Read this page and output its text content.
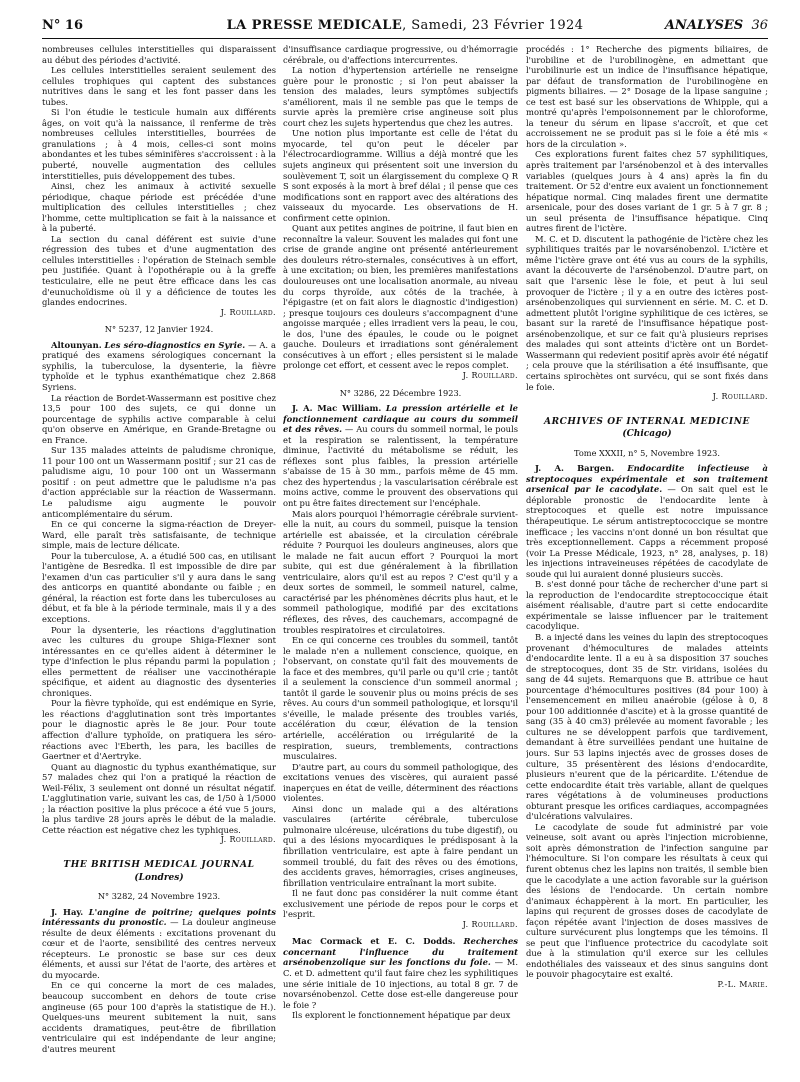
N° 16	LA PRESSE MEDICALE, Samedi, 23 Février 1924	ANALYSES 36

nombreuses cellules interstitielles qui disparaissent au début des périodes d'activité.

Les cellules interstitielles seraient seulement des cellules trophiques qui captent des substances nutritives dans le sang et les font passer dans les tubes.

Si l'on étudie le testicule humain aux différents âges, on voit qu'à la naissance, il renferme de très nombreuses cellules interstitielles, bourrées de granulations ; à 4 mois, celles-ci sont moins abondantes et les tubes séminifères s'accroissent : à la puberté, nouvelle augmentation des cellules interstitielles, puis développement des tubes.

Ainsi, chez les animaux à activité sexuelle périodique, chaque période est précédée d'une multiplication des cellules interstitielles ; chez l'homme, cette multiplication se fait à la naissance et à la puberté.

La section du canal déférent est suivie d'une régression des tubes et d'une augmentation des cellules interstitielles : l'opération de Steinach semble peu justifiée. Quant à l'opothérapie ou à la greffe testiculaire, elle ne peut être efficace dans les cas d'eunuchoïdisme où il y a déficience de toutes les glandes endocrines.

J. Rouillard.
N° 5237, 12 Janvier 1924.

Altounyan. Les séro-diagnostics en Syrie. — A. a pratiqué des examens sérologiques concernant la syphilis, la tuberculose, la dysenterie, la fièvre typhoïde et le typhus exanthématique chez 2.868 Syriens.

La réaction de Bordet-Wassermann est positive chez 13,5 pour 100 des sujets, ce qui donne un pourcentage de syphilis active comparable à celui qu'on observe en Amérique, en Grande-Bretagne ou en France.

Sur 135 malades atteints de paludisme chronique, 11 pour 100 ont un Wassermann positif ; sur 21 cas de paludisme aigu, 10 pour 100 ont un Wassermann positif : on peut admettre que le paludisme n'a pas d'action appréciable sur la réaction de Wassermann. Le paludisme aigu augmente le pouvoir anticomplémentaire du sérum.

En ce qui concerne la sigma-réaction de Dreyer-Ward, elle paraît très satisfaisante, de technique simple, mais de lecture délicate.

Pour la tuberculose, A. a étudié 500 cas, en utilisant l'antigène de Besredka. Il est impossible de dire par l'examen d'un cas particulier s'il y aura dans le sang des anticorps en quantité abondante ou faible ; en général, la réaction est forte dans les tuberculoses au début, et fa ble à la période terminale, mais il y a des exceptions.

Pour la dysenterie, les réactions d'agglutination avec les cultures du groupe Shiga-Flexner sont intéressantes en ce qu'elles aident à déterminer le type d'infection le plus répandu parmi la population ; elles permettent de réaliser une vaccinothérapie spécifique, et aident au diagnostic des dysenteries chroniques.

Pour la fièvre typhoïde, qui est endémique en Syrie, les réactions d'agglutination sont très importantes pour le diagnostic après le 8e jour. Pour toute affection d'allure typhoïde, on pratiquera les séro-réactions avec l'Eberth, les para, les bacilles de Gaertner et d'Aertryke.

Quant au diagnostic du typhus exanthématique, sur 57 malades chez qui l'on a pratiqué la réaction de Weil-Félix, 3 seulement ont donné un résultat négatif. L'agglutination varie, suivant les cas, de 1/50 à 1/5000 ; la réaction positive la plus précoce a été vue 5 jours, la plus tardive 28 jours après le début de la maladie. Cette réaction est négative chez les typhiques.

J. Rouillard.
THE BRITISH MEDICAL JOURNAL
(Londres)
N° 3282, 24 Novembre 1923.

J. Hay. L'angine de poitrine; quelques points intéressants du pronostic. — La douleur angineuse résulte de deux éléments : excitations provenant du cœur et de l'aorte, sensibilité des centres nerveux récepteurs. Le pronostic se base sur ces deux éléments, et aussi sur l'état de l'aorte, des artères et du myocarde.

En ce qui concerne la mort de ces malades, beaucoup succombent en dehors de toute crise angineuse (65 pour 100 d'après la statistique de H.). Quelques-uns meurent subitement la nuit, sans accidents dramatiques, peut-être de fibrillation ventriculaire qui est indépendante de leur angine; d'autres meurent

d'insuffisance cardiaque progressive, ou d'hémorragie cérébrale, ou d'affections intercurrentes.

La notion d'hypertension artérielle ne renseigne guère pour le pronostic ; si l'on peut abaisser la tension des malades, leurs symptômes subjectifs s'améliorent, mais il ne semble pas que le temps de survie après la première crise angineuse soit plus court chez les sujets hypertendus que chez les autres.

Une notion plus importante est celle de l'état du myocarde, tel qu'on peut le déceler par l'électrocardiogramme. Willius a déjà montré que les sujets angineux qui présentent soit une inversion du soulèvement T, soit un élargissement du complexe Q R S sont exposés à la mort à bref délai ; il pense que ces modifications sont en rapport avec des altérations des vaisseaux du myocarde. Les observations de H. confirment cette opinion.

Quant aux petites angines de poitrine, il faut bien en reconnaître la valeur. Souvent les malades qui font une crise de grande angine ont présenté antérieurement des douleurs rétro-sternales, consécutives à un effort, à une excitation; ou bien, les premières manifestations douloureuses ont une localisation anormale, au niveau du corps thyroïde, aux côtés de la trachée, à l'épigastre (et on fait alors le diagnostic d'indigestion) ; presque toujours ces douleurs s'accompagnent d'une angoisse marquée ; elles irradient vers la peau, le cou, le dos, l'une des épaules, le coude ou le poignet gauche. Douleurs et irradiations sont généralement consécutives à un effort ; elles persistent si le malade prolonge cet effort, et cessent avec le repos complet.

J. Rouillard.
N° 3286, 22 Décembre 1923.

J. A. Mac William. La pression artérielle et le fonctionnement cardiaque au cours du sommeil et des rêves. — Au cours du sommeil normal, le pouls et la respiration se ralentissent, la température diminue, l'activité du métabolisme se réduit, les réflexes sont plus faibles, la pression artérielle s'abaisse de 15 à 30 mm., parfois même de 45 mm. chez des hypertendus ; la vascularisation cérébrale est moins active, comme le prouvent des observations qui ont pu être faites directement sur l'encéphale.

Mais alors pourquoi l'hémorragie cérébrale survient-elle la nuit, au cours du sommeil, puisque la tension artérielle est abaissée, et la circulation cérébrale réduite ? Pourquoi les douleurs angineuses, alors que le malade ne fait aucun effort ? Pourquoi la mort subite, qui est due généralement à la fibrillation ventriculaire, alors qu'il est au repos ? C'est qu'il y a deux sortes de sommeil, le sommeil naturel, calme, caractérisé par les phénomènes décrits plus haut, et le sommeil pathologique, modifié par des excitations réflexes, des rêves, des cauchemars, accompagné de troubles respiratoires et circulatoires.

En ce qui concerne ces troubles du sommeil, tantôt le malade n'en a nullement conscience, quoique, en l'observant, on constate qu'il fait des mouvements de la face et des membres, qu'il parle ou qu'il crie ; tantôt il a seulement la conscience d'un sommeil anormal ; tantôt il garde le souvenir plus ou moins précis de ses rêves. Au cours d'un sommeil pathologique, et lorsqu'il s'éveille, le malade présente des troubles variés, accélération du cœur, élévation de la tension artérielle, accélération ou irrégularité de la respiration, sueurs, tremblements, contractions musculaires.

D'autre part, au cours du sommeil pathologique, des excitations venues des viscères, qui auraient passé inaperçues en état de veille, déterminent des réactions violentes.

Ainsi donc un malade qui a des altérations vasculaires (artérite cérébrale, tuberculose pulmonaire ulcéreuse, ulcérations du tube digestif), ou qui a des lésions myocardiques le prédisposant à la fibrillation ventriculaire, est apte à faire pendant un sommeil troublé, du fait des rêves ou des émotions, des accidents graves, hémorragies, crises angineuses, fibrillation ventriculaire entraînant la mort subite.

Il ne faut donc pas considérer la nuit comme étant exclusivement une période de repos pour le corps et l'esprit.

J. Rouillard.

Mac Cormack et E. C. Dodds. Recherches concernant l'influence du traitement arsénobenzolique sur les fonctions du foie. — M. C. et D. admettent qu'il faut faire chez les syphilitiques une série initiale de 10 injections, au total 8 gr. 7 de novarsénobenzol. Cette dose est-elle dangereuse pour le foie ?

Ils explorent le fonctionnement hépatique par deux

procédés : 1° Recherche des pigments biliaires, de l'urobiline et de l'urobilinogène, en admettant que l'urobilinurie est un indice de l'insuffisance hépatique, par défaut de transformation de l'urobilinogène en pigments biliaires. — 2° Dosage de la lipase sanguine ; ce test est basé sur les observations de Whipple, qui a montré qu'après l'empoisonnement par le chloroforme, la teneur du sérum en lipase s'accroît, et que cet accroissement ne se produit pas si le foie a été mis « hors de la circulation ».

Ces explorations furent faites chez 57 syphilitiques, après traitement par l'arsénobenzol et à des intervalles variables (quelques jours à 4 ans) après la fin du traitement. Or 52 d'entre eux avaient un fonctionnement hépatique normal. Cinq malades firent une dermatite arsenicale, pour des doses variant de 1 gr. 5 à 7 gr. 8 ; un seul présenta de l'insuffisance hépatique. Cinq autres firent de l'ictère.

M. C. et D. discutent la pathogénie de l'ictère chez les syphilitiques traités par le novarsénobenzol. L'ictère et même l'ictère grave ont été vus au cours de la syphilis, avant la découverte de l'arsénobenzol. D'autre part, on sait que l'arsenic lèse le foie, et peut à lui seul provoquer de l'ictère ; il y a en outre des ictères post-arsénobenzoliques qui surviennent en série. M. C. et D. admettent plutôt l'origine syphilitique de ces ictères, se basant sur la rareté de l'insuffisance hépatique post-arsénobenzolique, et sur ce fait qu'à plusieurs reprises des malades qui sont atteints d'ictère ont un Bordet-Wassermann qui redevient positif après avoir été négatif ; cela prouve que la stérilisation a été insuffisante, que certains spirochètes ont survécu, qui se sont fixés dans le foie.

J. Rouillard.
ARCHIVES OF INTERNAL MEDICINE
(Chicago)
Tome XXXII, n° 5, Novembre 1923.

J. A. Bargen. Endocardite infectieuse à streptocoques expérimentale et son traitement arsenical par le cacodylate. — On sait quel est le déplorable pronostic de l'endocardite lente à streptocoques et quelle est notre impuissance thérapeutique. Le sérum antistreptococcique se montre inefficace ; les vaccins n'ont donné un bon résultat que très exceptionnellement. Capps a récemment proposé (voir La Presse Médicale, 1923, n° 28, analyses, p. 18) les injections intraveineuses répétées de cacodylate de soude qui lui auraient donné plusieurs succès.

B. s'est donné pour tâche de rechercher d'une part si la reproduction de l'endocardite streptococcique était aisément réalisable, d'autre part si cette endocardite expérimentale se laisse influencer par le traitement cacodylique.

B. a injecté dans les veines du lapin des streptocoques provenant d'hémocultures de malades atteints d'endocardite lente. Il a eu à sa disposition 37 souches de streptocoques, dont 35 de Str. viridans, isolées du sang de 44 sujets. Remarquons que B. attribue ce haut pourcentage d'hémocultures positives (84 pour 100) à l'ensemencement en milieu anaérobie (gélose à 0, 8 pour 100 additionnée d'ascite) et à la grosse quantité de sang (35 à 40 cm3) prélevée au moment favorable ; les cultures ne se développent parfois que tardivement, demandant à être surveillées pendant une huitaine de jours. Sur 53 lapins injectés avec de grosses doses de culture, 35 présentèrent des lésions d'endocardite, plusieurs n'eurent que de la péricardite. L'étendue de cette endocardite était très variable, allant de quelques rares végétations à de volumineuses productions obturant presque les orifices cardiaques, accompagnées d'ulcérations valvulaires.

Le cacodylate de soude fut administré par voie veineuse, soit avant ou après l'injection microbienne, soit après démonstration de l'infection sanguine par l'hémoculture. Si l'on compare les résultats à ceux qui furent obtenus chez les lapins non traités, il semble bien que le cacodylate a une action favorable sur la guérison des lésions de l'endocarde. Un certain nombre d'animaux échappèrent à la mort. En particulier, les lapins qui reçurent de grosses doses de cacodylate de façon répétée avant l'injection de doses massives de culture survécurent plus longtemps que les témoins. Il se peut que l'influence protectrice du cacodylate soit due à la stimulation qu'il exerce sur les cellules endothéliales des vaisseaux et des sinus sanguins dont le pouvoir phagocytaire est exalté.

P.-L. Marie.
